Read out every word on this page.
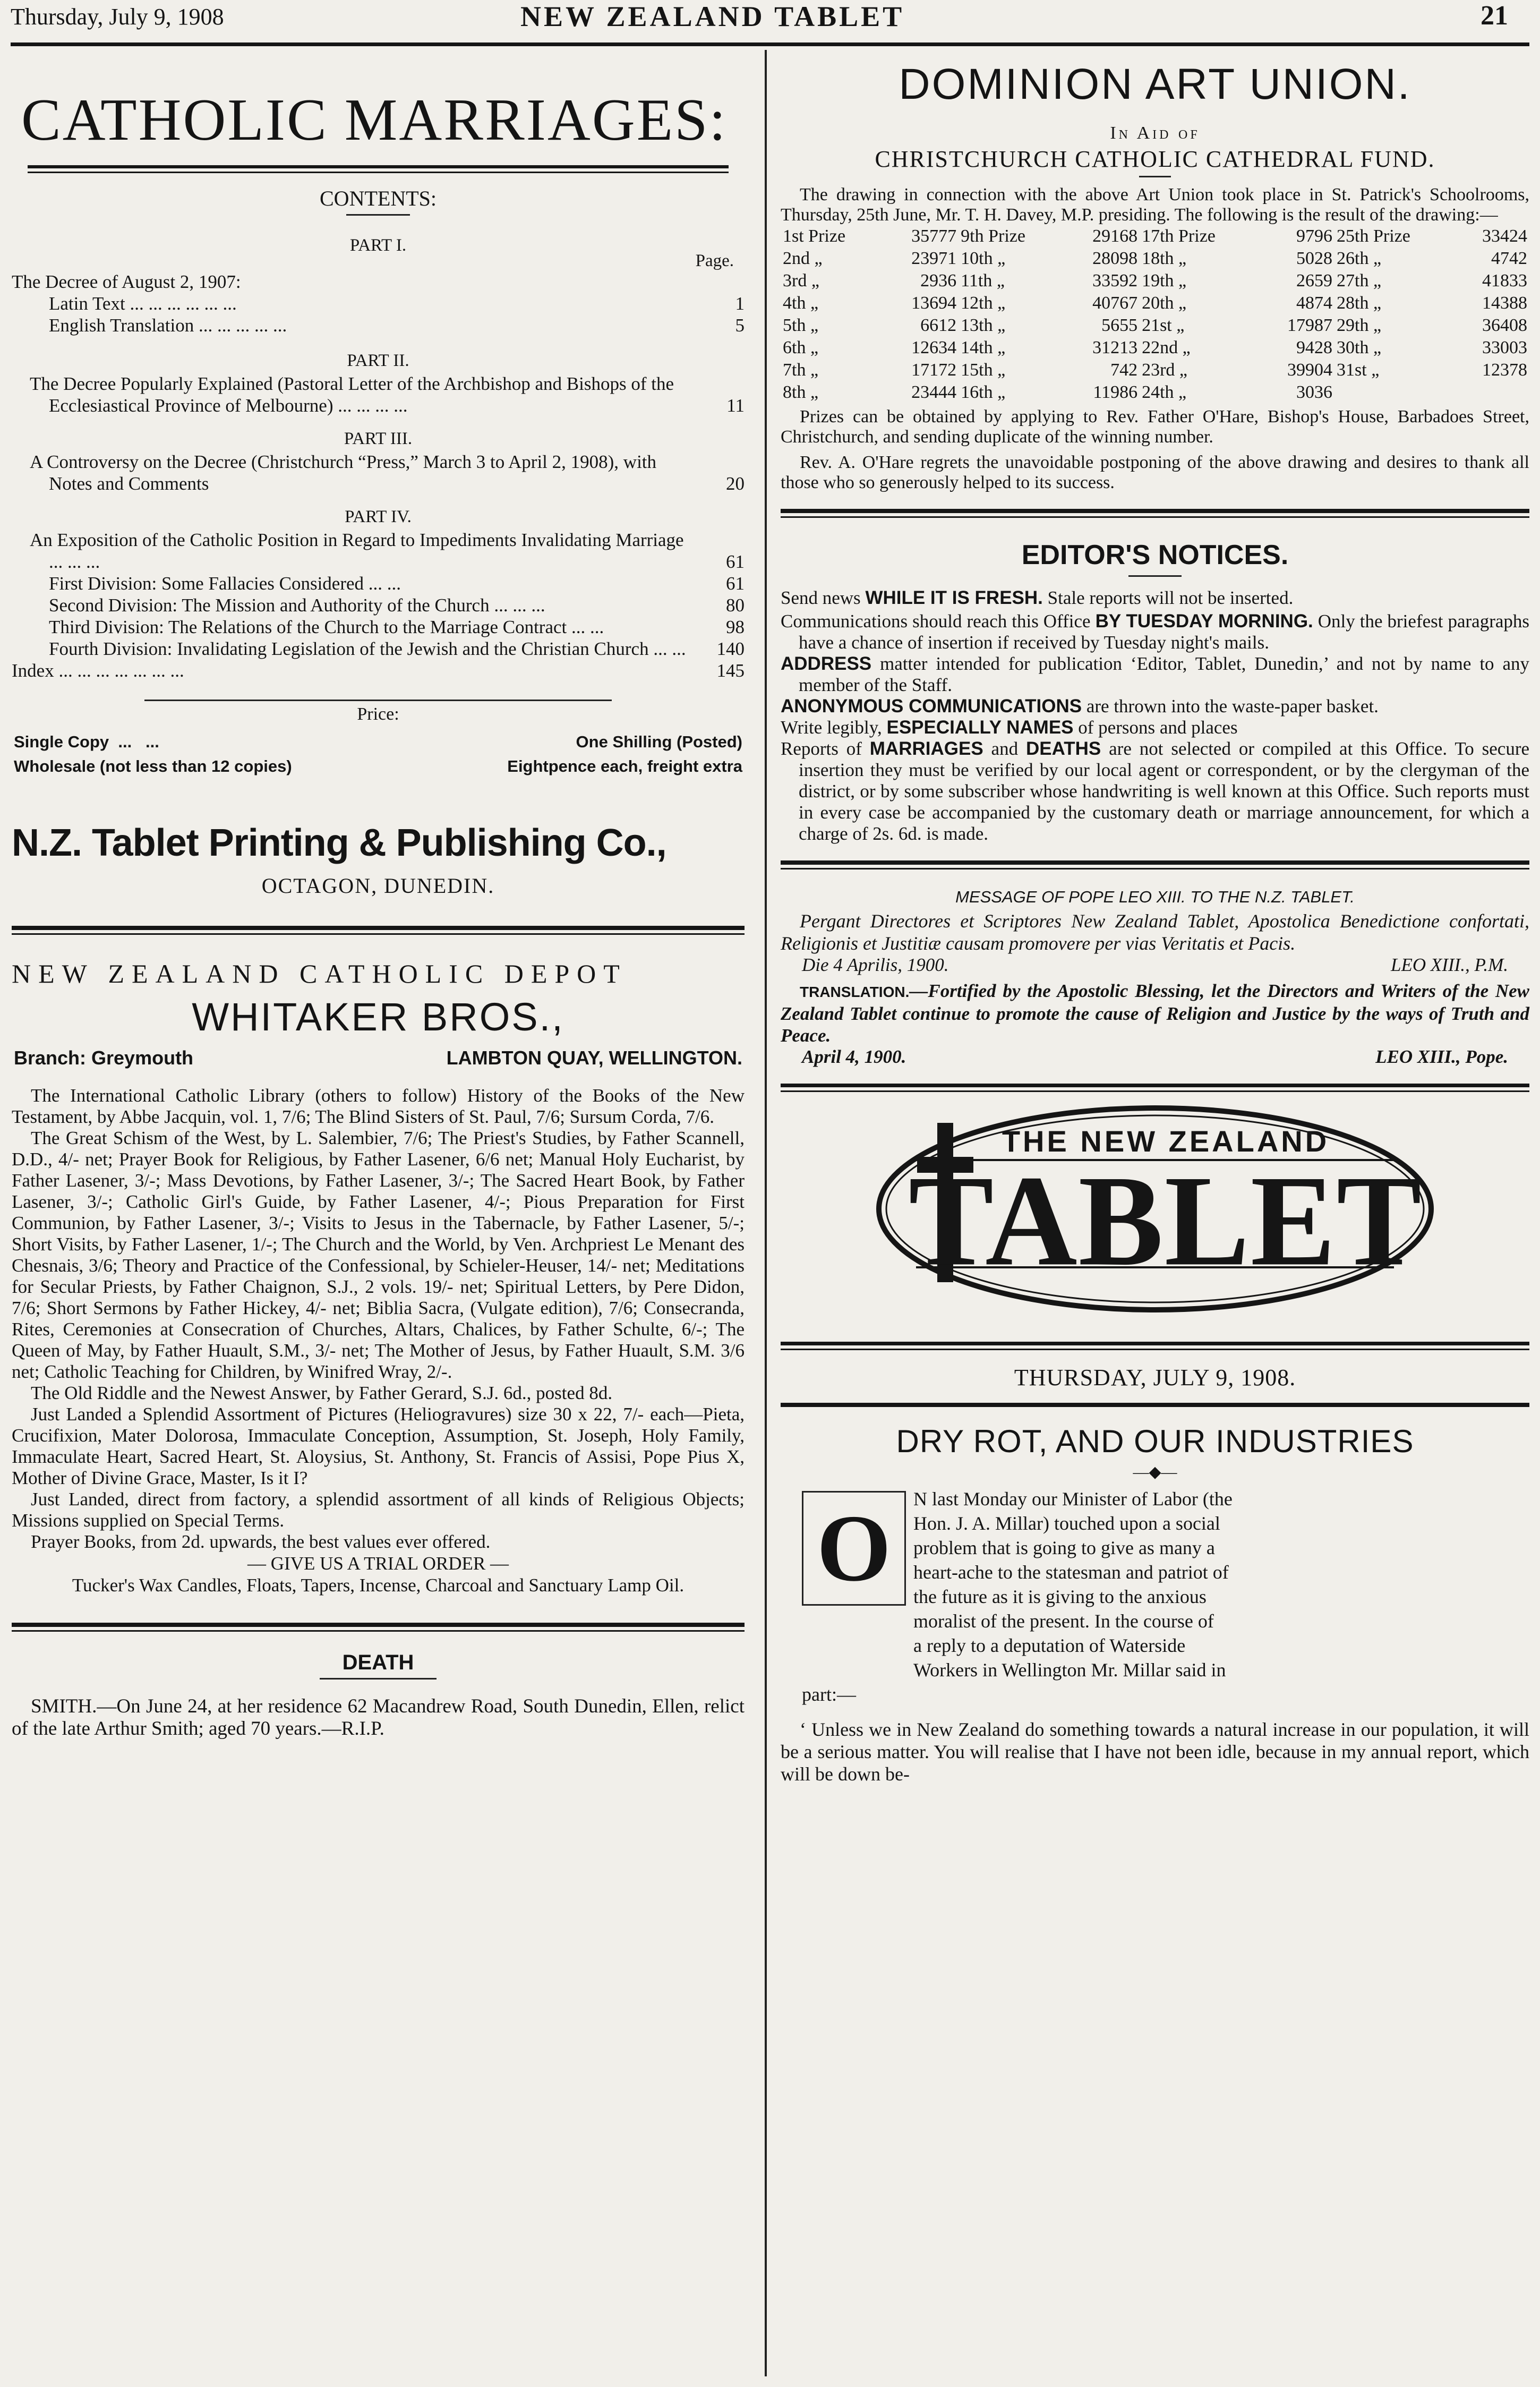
Thursday, July 9, 1908	NEW ZEALAND TABLET	21
CATHOLIC MARRIAGES:
CONTENTS:
PART I.
Page.
The Decree of August 2, 1907:
Latin Text ... ... ... ... ... ...	1
English Translation ... ... ... ... ...	5
PART II.
The Decree Popularly Explained (Pastoral Letter of the Archbishop and Bishops of the Ecclesiastical Province of Melbourne) ... ... ... ...	11
PART III.
A Controversy on the Decree (Christchurch “Press,” March 3 to April 2, 1908), with Notes and Comments	20
PART IV.
An Exposition of the Catholic Position in Regard to Impediments Invalidating Marriage ... ... ...	61
First Division: Some Fallacies Considered ... ...	61
Second Division: The Mission and Authority of the Church ... ... ...	80
Third Division: The Relations of the Church to the Marriage Contract ... ...	98
Fourth Division: Invalidating Legislation of the Jewish and the Christian Church ... ...	140
Index ... ... ... ... ... ... ...	145
Price:
Single Copy  ...   ...	One Shilling (Posted)
Wholesale (not less than 12 copies)	Eightpence each, freight extra
N.Z. Tablet Printing & Publishing Co.,
OCTAGON, DUNEDIN.
NEW ZEALAND CATHOLIC DEPOT
WHITAKER BROS.,
Branch: Greymouth	LAMBTON QUAY, WELLINGTON.

The International Catholic Library (others to follow) History of the Books of the New Testament, by Abbe Jacquin, vol. 1, 7/6; The Blind Sisters of St. Paul, 7/6; Sursum Corda, 7/6.

The Great Schism of the West, by L. Salembier, 7/6; The Priest's Studies, by Father Scannell, D.D., 4/- net; Prayer Book for Religious, by Father Lasener, 6/6 net; Manual Holy Eucharist, by Father Lasener, 3/-; Mass Devotions, by Father Lasener, 3/-; The Sacred Heart Book, by Father Lasener, 3/-; Catholic Girl's Guide, by Father Lasener, 4/-; Pious Preparation for First Communion, by Father Lasener, 3/-; Visits to Jesus in the Tabernacle, by Father Lasener, 5/-; Short Visits, by Father Lasener, 1/-; The Church and the World, by Ven. Archpriest Le Menant des Chesnais, 3/6; Theory and Practice of the Confessional, by Schieler-Heuser, 14/- net; Meditations for Secular Priests, by Father Chaignon, S.J., 2 vols. 19/- net; Spiritual Letters, by Pere Didon, 7/6; Short Sermons by Father Hickey, 4/- net; Biblia Sacra, (Vulgate edition), 7/6; Consecranda, Rites, Ceremonies at Consecration of Churches, Altars, Chalices, by Father Schulte, 6/-; The Queen of May, by Father Huault, S.M., 3/- net; The Mother of Jesus, by Father Huault, S.M. 3/6 net; Catholic Teaching for Children, by Winifred Wray, 2/-.

The Old Riddle and the Newest Answer, by Father Gerard, S.J. 6d., posted 8d.

Just Landed a Splendid Assortment of Pictures (Heliogravures) size 30 x 22, 7/- each—Pieta, Crucifixion, Mater Dolorosa, Immaculate Conception, Assumption, St. Joseph, Holy Family, Immaculate Heart, Sacred Heart, St. Aloysius, St. Anthony, St. Francis of Assisi, Pope Pius X, Mother of Divine Grace, Master, Is it I?

Just Landed, direct from factory, a splendid assortment of all kinds of Religious Objects; Missions supplied on Special Terms.

Prayer Books, from 2d. upwards, the best values ever offered.

— GIVE US A TRIAL ORDER —
Tucker's Wax Candles, Floats, Tapers, Incense, Charcoal and Sanctuary Lamp Oil.
DEATH

SMITH.—On June 24, at her residence 62 Macandrew Road, South Dunedin, Ellen, relict of the late Arthur Smith; aged 70 years.—R.I.P.

DOMINION ART UNION.
In Aid of
CHRISTCHURCH CATHOLIC CATHEDRAL FUND.

The drawing in connection with the above Art Union took place in St. Patrick's Schoolrooms, Thursday, 25th June, Mr. T. H. Davey, M.P. presiding. The following is the result of the drawing:—

1st Prize	35777	9th Prize	29168	17th Prize	9796	25th Prize	33424
2nd „	23971	10th „	28098	18th „	5028	26th „	4742
3rd „	2936	11th „	33592	19th „	2659	27th „	41833
4th „	13694	12th „	40767	20th „	4874	28th „	14388
5th „	6612	13th „	5655	21st „	17987	29th „	36408
6th „	12634	14th „	31213	22nd „	9428	30th „	33003
7th „	17172	15th „	742	23rd „	39904	31st „	12378
8th „	23444	16th „	11986	24th „	3036		

Prizes can be obtained by applying to Rev. Father O'Hare, Bishop's House, Barbadoes Street, Christchurch, and sending duplicate of the winning number.

Rev. A. O'Hare regrets the unavoidable postponing of the above drawing and desires to thank all those who so generously helped to its success.

EDITOR'S NOTICES.

Send news WHILE IT IS FRESH. Stale reports will not be inserted.

Communications should reach this Office BY TUESDAY MORNING. Only the briefest paragraphs have a chance of insertion if received by Tuesday night's mails.

ADDRESS matter intended for publication ‘Editor, Tablet, Dunedin,’ and not by name to any member of the Staff.

ANONYMOUS COMMUNICATIONS are thrown into the waste-paper basket.

Write legibly, ESPECIALLY NAMES of persons and places

Reports of MARRIAGES and DEATHS are not selected or compiled at this Office. To secure insertion they must be verified by our local agent or correspondent, or by the clergyman of the district, or by some subscriber whose handwriting is well known at this Office. Such reports must in every case be accompanied by the customary death or marriage announcement, for which a charge of 2s. 6d. is made.

MESSAGE OF POPE LEO XIII. TO THE N.Z. TABLET.

Pergant Directores et Scriptores New Zealand Tablet, Apostolica Benedictione confortati, Religionis et Justitiæ causam promovere per vias Veritatis et Pacis.

Die 4 Aprilis, 1900.	LEO XIII., P.M.

TRANSLATION.—Fortified by the Apostolic Blessing, let the Directors and Writers of the New Zealand Tablet continue to promote the cause of Religion and Justice by the ways of Truth and Peace.

April 4, 1900.	LEO XIII., Pope.
THE NEW ZEALAND
TABLET
THURSDAY, JULY 9, 1908.
DRY ROT, AND OUR INDUSTRIES
—◆—
O N last Monday our Minister of Labor (the
Hon. J. A. Millar) touched upon a social
problem that is going to give as many a
heart-ache to the statesman and patriot of
the future as it is giving to the anxious
moralist of the present. In the course of
a reply to a deputation of Waterside
Workers in Wellington Mr. Millar said in
part:—

‘ Unless we in New Zealand do something towards a natural increase in our population, it will be a serious matter. You will realise that I have not been idle, because in my annual report, which will be down be-
